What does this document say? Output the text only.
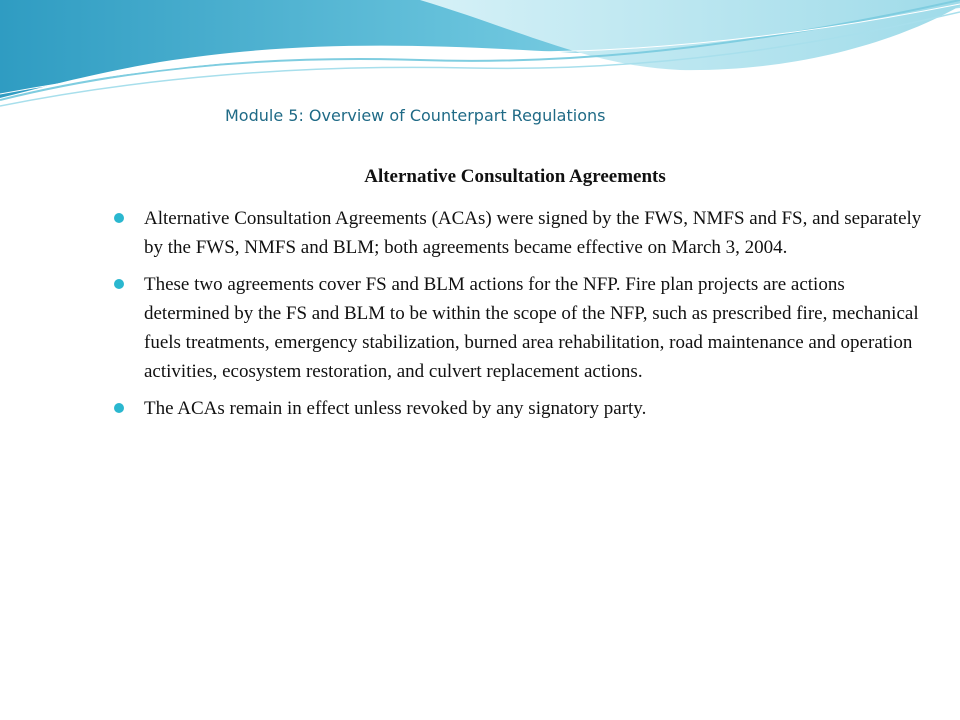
Module 5: Overview of Counterpart Regulations
Alternative Consultation Agreements
Alternative Consultation Agreements (ACAs) were signed by the FWS, NMFS and FS, and separately by the FWS, NMFS and BLM; both agreements became effective on March 3, 2004.
These two agreements cover FS and BLM actions for the NFP. Fire plan projects are actions determined by the FS and BLM to be within the scope of the NFP, such as prescribed fire, mechanical fuels treatments, emergency stabilization, burned area rehabilitation, road maintenance and operation activities, ecosystem restoration, and culvert replacement actions.
The ACAs remain in effect unless revoked by any signatory party.
